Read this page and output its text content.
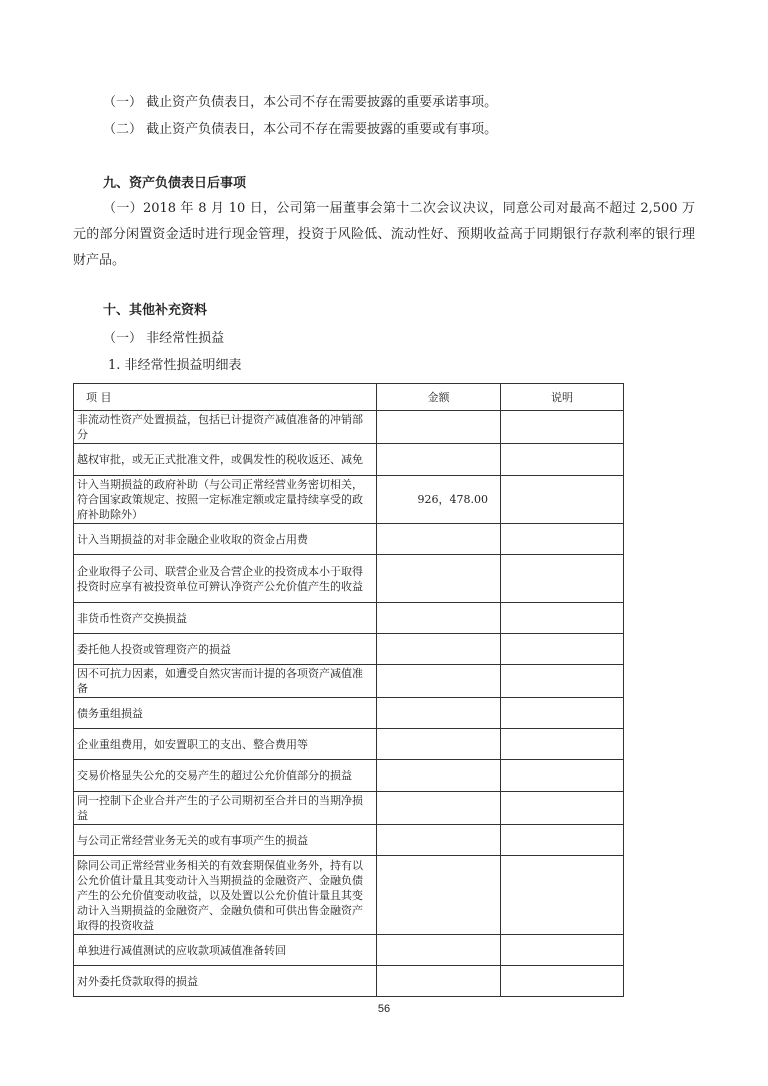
（一） 截止资产负债表日，本公司不存在需要披露的重要承诺事项。

（二） 截止资产负债表日，本公司不存在需要披露的重要或有事项。

九、资产负债表日后事项

（一）2018 年 8 月 10 日，公司第一届董事会第十二次会议决议，同意公司对最高不超过 2,500 万元的部分闲置资金适时进行现金管理，投资于风险低、流动性好、预期收益高于同期银行存款利率的银行理财产品。

十、其他补充资料

（一） 非经常性损益

1. 非经常性损益明细表

项 目	金额	说明
非流动性资产处置损益，包括已计提资产减值准备的冲销部分		
越权审批，或无正式批准文件，或偶发性的税收返还、减免		
计入当期损益的政府补助（与公司正常经营业务密切相关，符合国家政策规定、按照一定标准定额或定量持续享受的政府补助除外）	926，478.00	
计入当期损益的对非金融企业收取的资金占用费		
企业取得子公司、联营企业及合营企业的投资成本小于取得投资时应享有被投资单位可辨认净资产公允价值产生的收益		
非货币性资产交换损益		
委托他人投资或管理资产的损益		
因不可抗力因素，如遭受自然灾害而计提的各项资产减值准备		
债务重组损益		
企业重组费用，如安置职工的支出、整合费用等		
交易价格显失公允的交易产生的超过公允价值部分的损益		
同一控制下企业合并产生的子公司期初至合并日的当期净损益		
与公司正常经营业务无关的或有事项产生的损益		
除同公司正常经营业务相关的有效套期保值业务外，持有以公允价值计量且其变动计入当期损益的金融资产、金融负债产生的公允价值变动收益，以及处置以公允价值计量且其变动计入当期损益的金融资产、金融负债和可供出售金融资产取得的投资收益		
单独进行减值测试的应收款项减值准备转回		
对外委托贷款取得的损益		
56
